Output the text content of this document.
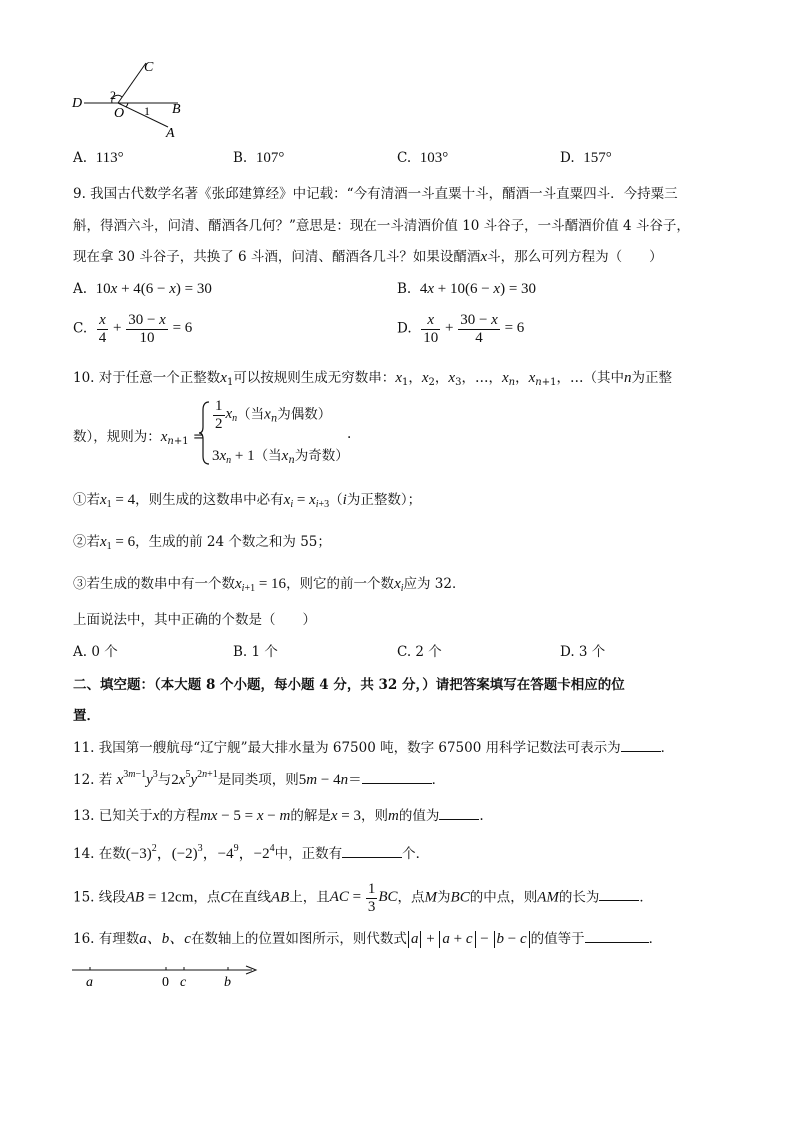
C
D
O	B
A
1
2
A. 113°	B. 107°	C. 103°	D. 157°
9. 我国古代数学名著《张邱建算经》中记载：“今有清酒一斗直粟十斗，醑酒一斗直粟四斗．今持粟三
斛，得酒六斗，问清、醑酒各几何？”意思是：现在一斗清酒价值 10 斗谷子，一斗醑酒价值 4 斗谷子，
现在拿 30 斗谷子，共换了 6 斗酒，问清、醑酒各几斗？如果设醑酒x斗，那么可列方程为（　　）
A. 10x + 4(6 − x) = 30	B. 4x + 10(6 − x) = 30
C. $\frac{x}{4} + \frac{30 - x}{10} = 6$	D. $\frac{x}{10} + \frac{30 - x}{4} = 6$
10. 对于任意一个正整数$x_1$可以按规则生成无穷数串：$x_1$，$x_2$，$x_3$，…，$x_n$，$x_{n+1}$，…（其中n为正整
数），规则为：$x_{n+1}$ =
$\frac{1}{2} x_n$（当$x_n$为偶数）
$3x_n + 1$（当$x_n$为奇数）
.
①若$x_1 = 4$，则生成的这数串中必有$x_i = x_{i+3}(i$为正整数）；
②若$x_1 = 6$，生成的前 24 个数之和为 55；
③若生成的数串中有一个数$x_{i+1} = 16$，则它的前一个数$x_i$应为 32．
上面说法中，其中正确的个数是（　　）
A. 0 个	B. 1 个	C. 2 个	D. 3 个
二、填空题：（本大题 8 个小题，每小题 4 分，共 32 分，）请把答案填写在答题卡相应的位
置．
11. 我国第一艘航母“辽宁舰”最大排水量为 67500 吨，数字 67500 用科学记数法可表示为	．
12. 若 $x^{3m-1}y^3$与$2x^5y^{2n+1}$是同类项，则5m − 4n＝	．
13. 已知关于x的方程mx − 5 = x − m的解是x = 3，则m的值为	.
14. 在数$(-3)^2$，$(-2)^3$，$-4^9$，$-2^4$中，正数有	个．
15. 线段AB = 12cm，点C在直线AB上，且AC = $\frac{1}{3}$ BC，点M为BC的中点，则AM的长为	．
16. 有理数a、b、c在数轴上的位置如图所示，则代数式 a + a + c − b − c 的值等于	．
a	0 c	b
